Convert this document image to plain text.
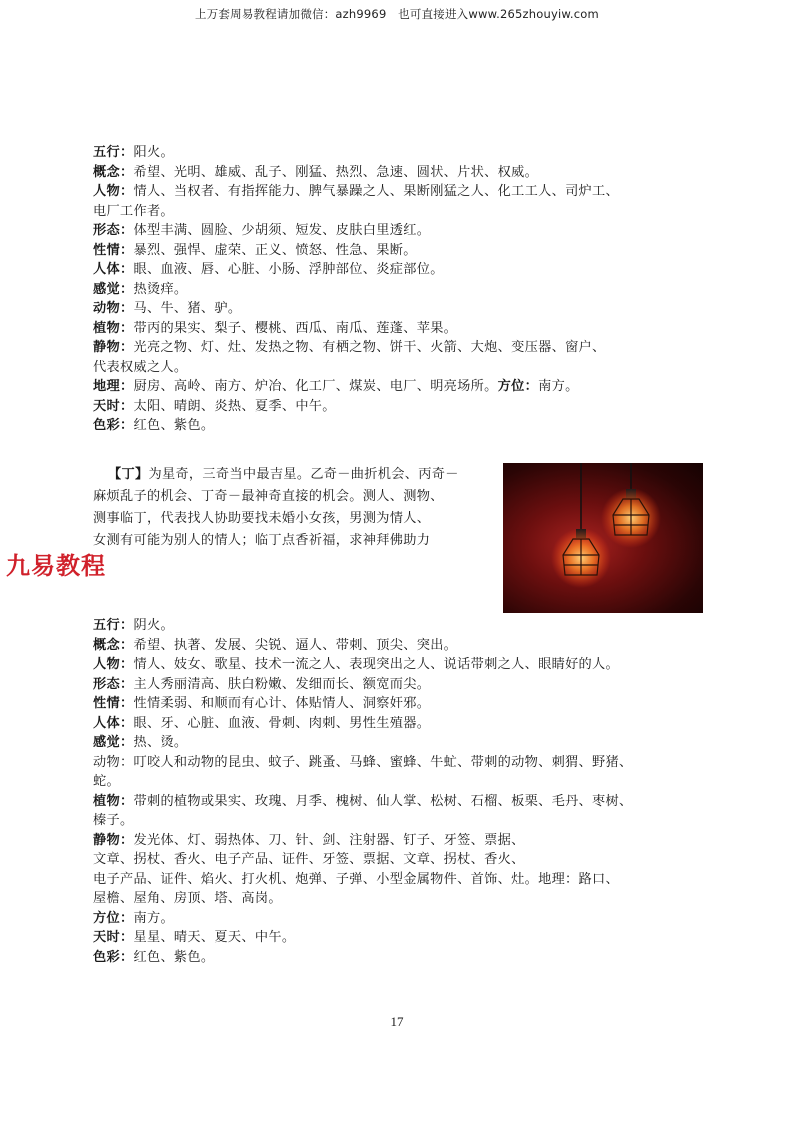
上万套周易教程请加微信：azh9969　也可直接进入www.265zhouyiw.com
五行：阳火。
概念：希望、光明、雄威、乱子、刚猛、热烈、急速、圆状、片状、权威。
人物：情人、当权者、有指挥能力、脾气暴躁之人、果断刚猛之人、化工工人、司炉工、
电厂工作者。
形态：体型丰满、圆脸、少胡须、短发、皮肤白里透红。
性情：暴烈、强悍、虚荣、正义、愤怒、性急、果断。
人体：眼、血液、唇、心脏、小肠、浮肿部位、炎症部位。
感觉：热烫痒。
动物：马、牛、猪、驴。
植物：带丙的果实、梨子、樱桃、西瓜、南瓜、莲蓬、苹果。
静物：光亮之物、灯、灶、发热之物、有栖之物、饼干、火箭、大炮、变压器、窗户、
代表权威之人。
地理：厨房、高岭、南方、炉冶、化工厂、煤炭、电厂、明亮场所。方位：南方。
天时：太阳、晴朗、炎热、夏季、中午。
色彩：红色、紫色。
【丁】为星奇，三奇当中最吉星。乙奇－曲折机会、丙奇－
麻烦乱子的机会、丁奇－最神奇直接的机会。测人、测物、
测事临丁，代表找人协助要找未婚小女孩，男测为情人、
女测有可能为别人的情人；临丁点香祈福，求神拜佛助力
九易教程
五行：阴火。
概念：希望、执著、发展、尖锐、逼人、带刺、顶尖、突出。
人物：情人、妓女、歌星、技术一流之人、表现突出之人、说话带刺之人、眼睛好的人。
形态：主人秀丽清高、肤白粉嫩、发细而长、额宽而尖。
性情：性情柔弱、和顺而有心计、体贴情人、洞察奸邪。
人体：眼、牙、心脏、血液、骨刺、肉刺、男性生殖器。
感觉：热、烫。
动物：叮咬人和动物的昆虫、蚊子、跳蚤、马蜂、蜜蜂、牛虻、带刺的动物、刺猬、野猪、
蛇。
植物：带刺的植物或果实、玫瑰、月季、槐树、仙人掌、松树、石榴、板栗、毛丹、枣树、
榛子。
静物：发光体、灯、弱热体、刀、针、剑、注射器、钉子、牙签、票据、
文章、拐杖、香火、电子产品、证件、牙签、票据、文章、拐杖、香火、
电子产品、证件、焰火、打火机、炮弹、子弹、小型金属物件、首饰、灶。地理：路口、
屋檐、屋角、房顶、塔、高岗。
方位：南方。
天时：星星、晴天、夏天、中午。
色彩：红色、紫色。
17
